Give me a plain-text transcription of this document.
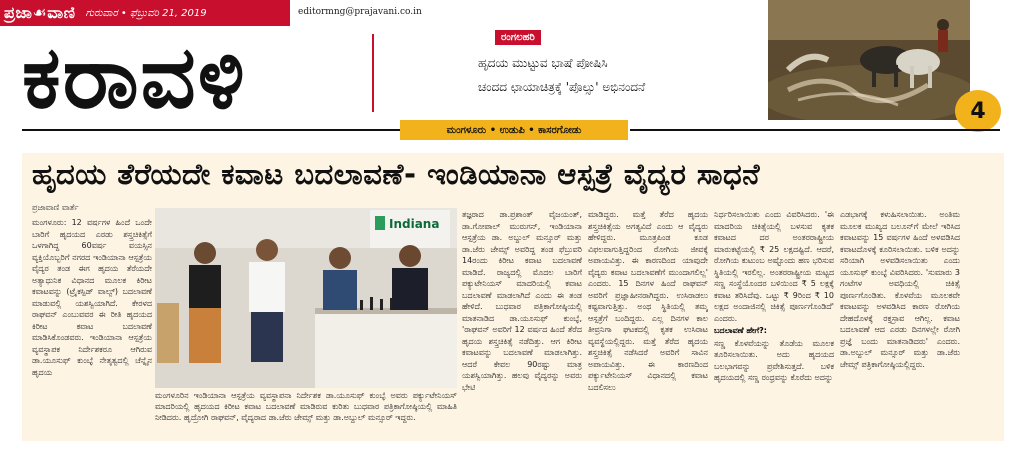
ಪ್ರಜಾ☙ವಾಣಿ ಗುರುವಾರ • ಫೆಬ್ರುವರಿ 21, 2019	editormng@prajavani.co.in
ಕರಾವಳಿ	ರಂಗಲಹರಿ
ಹೃದಯ ಮುಟ್ಟುವ ಭಾಷೆ ಪೋಷಿಸಿ
ಚಂದದ ಛಾಯಾಚಿತ್ರಕ್ಕೆ 'ಪೊಲ್ಸು' ಅಭಿನಂದನೆ
4
ಮಂಗಳೂರು • ಉಡುಪಿ • ಕಾಸರಗೋಡು
ಹೃದಯ ತೆರೆಯದೇ ಕವಾಟ ಬದಲಾವಣೆ- ಇಂಡಿಯಾನಾ ಆಸ್ಪತ್ರೆ ವೈದ್ಯರ ಸಾಧನೆ
ಪ್ರಜಾವಾಣಿ ವಾರ್ತೆ

ಮಂಗಳೂರು: 12 ವರ್ಷಗಳ ಹಿಂದೆ ಒಂದೇ ಬಾರಿಗೆ ಹೃದಯದ ಎರಡು ಶಸ್ತ್ರಚಿಕಿತ್ಸೆಗೆ ಒಳಗಾಗಿದ್ದ 60ವರ್ಷ ವಯಸ್ಸಿನ ವ್ಯಕ್ತಿಯೊಬ್ಬರಿಗೆ ನಗರದ ಇಂಡಿಯಾನಾ ಆಸ್ಪತ್ರೆಯ ವೈದ್ಯರ ತಂಡ ಈಗ ಹೃದಯ ತೆರೆಯದೇ ಅತ್ಯಾಧುನಿಕ ವಿಧಾನದ ಮೂಲಕ ಕಿರೀಟ ಕವಾಟವನ್ನು (ಟ್ರೈಕಸ್ಪಿಡ್ ವಾಲ್ವ್) ಬದಲಾವಣೆ ಮಾಡುವಲ್ಲಿ ಯಶಸ್ವಿಯಾಗಿದೆ. ಕೇರಳದ ರಾಘವನ್ ಎಂಬುವವರ ಈ ರೀತಿ ಹೃದಯದ ಕಿರೀಟ ಕವಾಟ ಬದಲಾವಣೆ ಮಾಡಿಸಿಕೊಂಡವರು. ಇಂಡಿಯಾನಾ ಆಸ್ಪತ್ರೆಯ ವ್ಯವಸ್ಥಾಪಕ ನಿರ್ದೇಶಕರೂ ಆಗಿರುವ ಡಾ.ಯೂಸುಫ್ ಕುಂಬ್ಳೆ ನೇತೃತ್ವದಲ್ಲಿ ಚೆನ್ನೈನ ಹೃದಯ

Indiana
ಮಂಗಳೂರಿನ ಇಂಡಿಯಾನಾ ಆಸ್ಪತ್ರೆಯ ವ್ಯವಸ್ಥಾಪನಾ ನಿರ್ದೇಶಕ ಡಾ.ಯೂಸುಫ್ ಕುಂಬ್ಳೆ ಅವರು ಪರ್ಕ್ಯುಟೇನಿಯಸ್ ಮಾದರಿಯಲ್ಲಿ ಹೃದಯದ ಕಿರೀಟ ಕವಾಟ ಬದಲಾವಣೆ ಮಾಡಿರುವ ಕುರಿತು ಬುಧವಾರ ಪತ್ರಿಕಾಗೋಷ್ಠಿಯಲ್ಲಿ ಮಾಹಿತಿ ನೀಡಿದರು. ಹೃದ್ರೋಗಿ ರಾಘವನ್, ವೈದ್ಯರಾದ ಡಾ.ಜೆರು ಜೇಮ್ಸ್ ಮತ್ತು ಡಾ.ಅಬ್ದುಲ್ ಮನ್ಸೂರ್ ಇದ್ದರು.

ತಜ್ಞರಾದ ಡಾ.ಪ್ರಶಾಂತ್ ವೈಜಯಂತ್, ಡಾ.ಗೋಪಾಲ್ ಮುರುಗನ್, ಇಂಡಿಯಾನಾ ಆಸ್ಪತ್ರೆಯ ಡಾ. ಅಬ್ದುಲ್ ಮನ್ಸೂರ್ ಮತ್ತು ಡಾ.ಜೆರು ಜೇಮ್ಸ್ ಅವರಿದ್ದ ತಂಡ ಫೆಬ್ರುವರಿ 14ರಂದು ಕಿರೀಟ ಕವಾಟ ಬದಲಾವಣೆ ಮಾಡಿದೆ. ರಾಜ್ಯದಲ್ಲಿ ಮೊದಲ ಬಾರಿಗೆ ಪಕ್ಯುಟೇನಿಯಸ್ ಮಾದರಿಯಲ್ಲಿ ಕವಾಟ ಬದಲಾವಣೆ ಮಾಡಲಾಗಿದೆ ಎಂದು ಈ ತಂಡ ಹೇಳಿದೆ. ಬುಧವಾರ ಪತ್ರಿಕಾಗೋಷ್ಠಿಯಲ್ಲಿ ಮಾತನಾಡಿದ ಡಾ.ಯೂಸುಫ್ ಕುಂಬ್ಳೆ, 'ರಾಘವನ್ ಅವರಿಗೆ 12 ವರ್ಷದ ಹಿಂದೆ ತೆರೆದ ಹೃದಯ ಶಸ್ತ್ರಚಿಕಿತ್ಸೆ ನಡೆದಿತ್ತು. ಆಗ ಕಿರೀಟ ಕವಾಟವನ್ನು ಬದಲಾವಣೆ ಮಾಡಲಾಗಿತ್ತು. ಆದರೆ ಕೇವಲ 90ರಷ್ಟು ಮಾತ್ರ ಯಶಸ್ವಿಯಾಗಿತ್ತು. ಹಲವು ವೈದ್ಯರನ್ನು ಅವರು ಭೇಟಿ

ಮಾಡಿದ್ದರು. ಮತ್ತೆ ತೆರೆದ ಹೃದಯ ಶಸ್ತ್ರಚಿಕಿತ್ಸೆಯ ಅಗತ್ಯವಿದೆ ಎಂದು ಆ ವೈದ್ಯರು ಹೇಳಿದ್ದರು. ಮೂತ್ರಪಿಂಡ ಕೂಡ ವಿಫಲವಾಗುತ್ತಿದ್ದರಿಂದ ರೋಗಿಯ ಜೀವಕ್ಕೆ ಅಪಾಯವಿತ್ತು. ಈ ಕಾರಣದಿಂದ ಯಾವುದೇ ವೈದ್ಯರು ಕವಾಟ ಬದಲಾವಣೆಗೆ ಮುಂದಾಗಲಿಲ್ಲ' ಎಂದರು. 15 ದಿನಗಳ ಹಿಂದೆ ರಾಘವನ್ ಅವರಿಗೆ ಪ್ರಜ್ಞಾಹೀನರಾಗಿದ್ದರು. ಉಸಿರಾಡಲು ಕಷ್ಟವಾಗುತ್ತಿತ್ತು. ಅಂಥ ಸ್ಥಿತಿಯಲ್ಲಿ ತಮ್ಮ ಆಸ್ಪತ್ರೆಗೆ ಬಂದಿದ್ದರು. ಎಲ್ಲ ದಿನಗಳ ಕಾಲ ತೀವ್ರನಿಗಾ ಘಟಕದಲ್ಲಿ ಕೃತಕ ಉಸಿರಾಟ ವ್ಯವಸ್ಥೆಯಲ್ಲಿದ್ದರು. ಮತ್ತೆ ತೆರೆದ ಹೃದಯ ಶಸ್ತ್ರಚಿಕಿತ್ಸೆ ನಡೆಸಿದರೆ ಅವರಿಗೆ ಸಾವಿನ ಅಪಾಯವಿತ್ತು. ಈ ಕಾರಣದಿಂದ ಪರ್ಕ್ಯುಟೇನಿಯಸ್ ವಿಧಾನದಲ್ಲಿ ಕವಾಟ ಬದಲಿಸಲು

ನಿರ್ಧರಿಸಲಾಯಿತು ಎಂದು ವಿವರಿಸಿದರು. 'ಈ ಮಾದರಿಯ ಚಿಕಿತ್ಸೆಯಲ್ಲಿ ಬಳಸುವ ಕೃತಕ ಕವಾಟದ ದರ ಅಂತರರಾಷ್ಟ್ರೀಯ ಮಾರುಕಟ್ಟೆಯಲ್ಲಿ ₹ 25 ಲಕ್ಷದಷ್ಟಿದೆ. ಆದರೆ, ರೋಗಿಯ ಕುಟುಂಬ ಅಷ್ಟೊಂದು ಹಣ ಭರಿಸುವ ಸ್ಥಿತಿಯಲ್ಲಿ ಇರಲಿಲ್ಲ. ಅಂತರರಾಷ್ಟ್ರೀಯ ಮಟ್ಟದ ಸಣ್ಣ ಸಂಸ್ಥೆಯೊಂದರ ಬಳಿಯಿಂದ ₹ 5 ಲಕ್ಷಕ್ಕೆ ಕವಾಟ ತರಿಸಿದೆವು. ಒಟ್ಟು ₹ 9ರಿಂದ ₹ 10 ಲಕ್ಷದ ಅಂದಾಜಿನಲ್ಲಿ ಚಿಕಿತ್ಸೆ ಪೂರ್ಣಗೊಂಡಿದೆ' ಎಂದರು.

ಬದಲಾವಣೆ ಹೇಗೆ?:

ಸಣ್ಣ ಕೊಳವೆಯನ್ನು ತೊಡೆಯ ಮೂಲಕ ತೂರಿಸಲಾಯಿತು. ಅದು ಹೃದಯದ ಬಲಭಾಗವನ್ನು ಪ್ರವೇಶಿಸುತ್ತದೆ. ಬಳಿಕ ಹೃದಯದಲ್ಲಿ ಸಣ್ಣ ರಂಧ್ರವನ್ನು ಕೊರೆದು ಅದನ್ನು

ಎಡಭಾಗಕ್ಕೆ ಕಳುಹಿಸಲಾಯಿತು. ಅಂತಿಮ ಮೂಲಕ ಮುಖ್ಯದ ಬಲೂನ್‌ಗೆ ಮೇಲೆ ಇರಿಸಿದ ಕವಾಟವನ್ನು 15 ವರ್ಷಗಳ ಹಿಂದೆ ಅಳವಡಿಸಿದ ಕವಾಟದೊಳಕ್ಕೆ ಕೂರಿಸಲಾಯಿತು. ಬಳಿಕ ಅದನ್ನು ಸರಿಯಾಗಿ ಅಳವಡಿಸಲಾಯಿತು ಎಂದು ಯೂಸುಫ್ ಕುಂಬ್ಳೆ ವಿವರಿಸಿದರು. 'ಸುಮಾರು 3 ಗಂಟೆಗಳ ಅವಧಿಯಲ್ಲಿ ಚಿಕಿತ್ಸೆ ಪೂರ್ಣಗೊಂಡಿತು. ಕೊಳವೆಯ ಮೂಲಕವೇ ಕವಾಟವನ್ನು ಅಳವಡಿಸಿದ ಕಾರಣ ರೋಗಿಯ ದೇಹದೊಳಕ್ಕೆ ರಕ್ತಸ್ರಾವ ಆಗಿಲ್ಲ. ಕವಾಟ ಬದಲಾವಣೆ ಆದ ಎರಡು ದಿನಗಳಲ್ಲೇ ರೋಗಿ ಪ್ರಜ್ಞೆ ಬಂದು ಮಾತನಾಡಿದರು' ಎಂದರು. ಡಾ.ಅಬ್ದುಲ್ ಮನ್ಸೂರ್ ಮತ್ತು ಡಾ.ಜೆರು ಜೇಮ್ಸ್ ಪತ್ರಿಕಾಗೋಷ್ಠಿಯಲ್ಲಿದ್ದರು.
